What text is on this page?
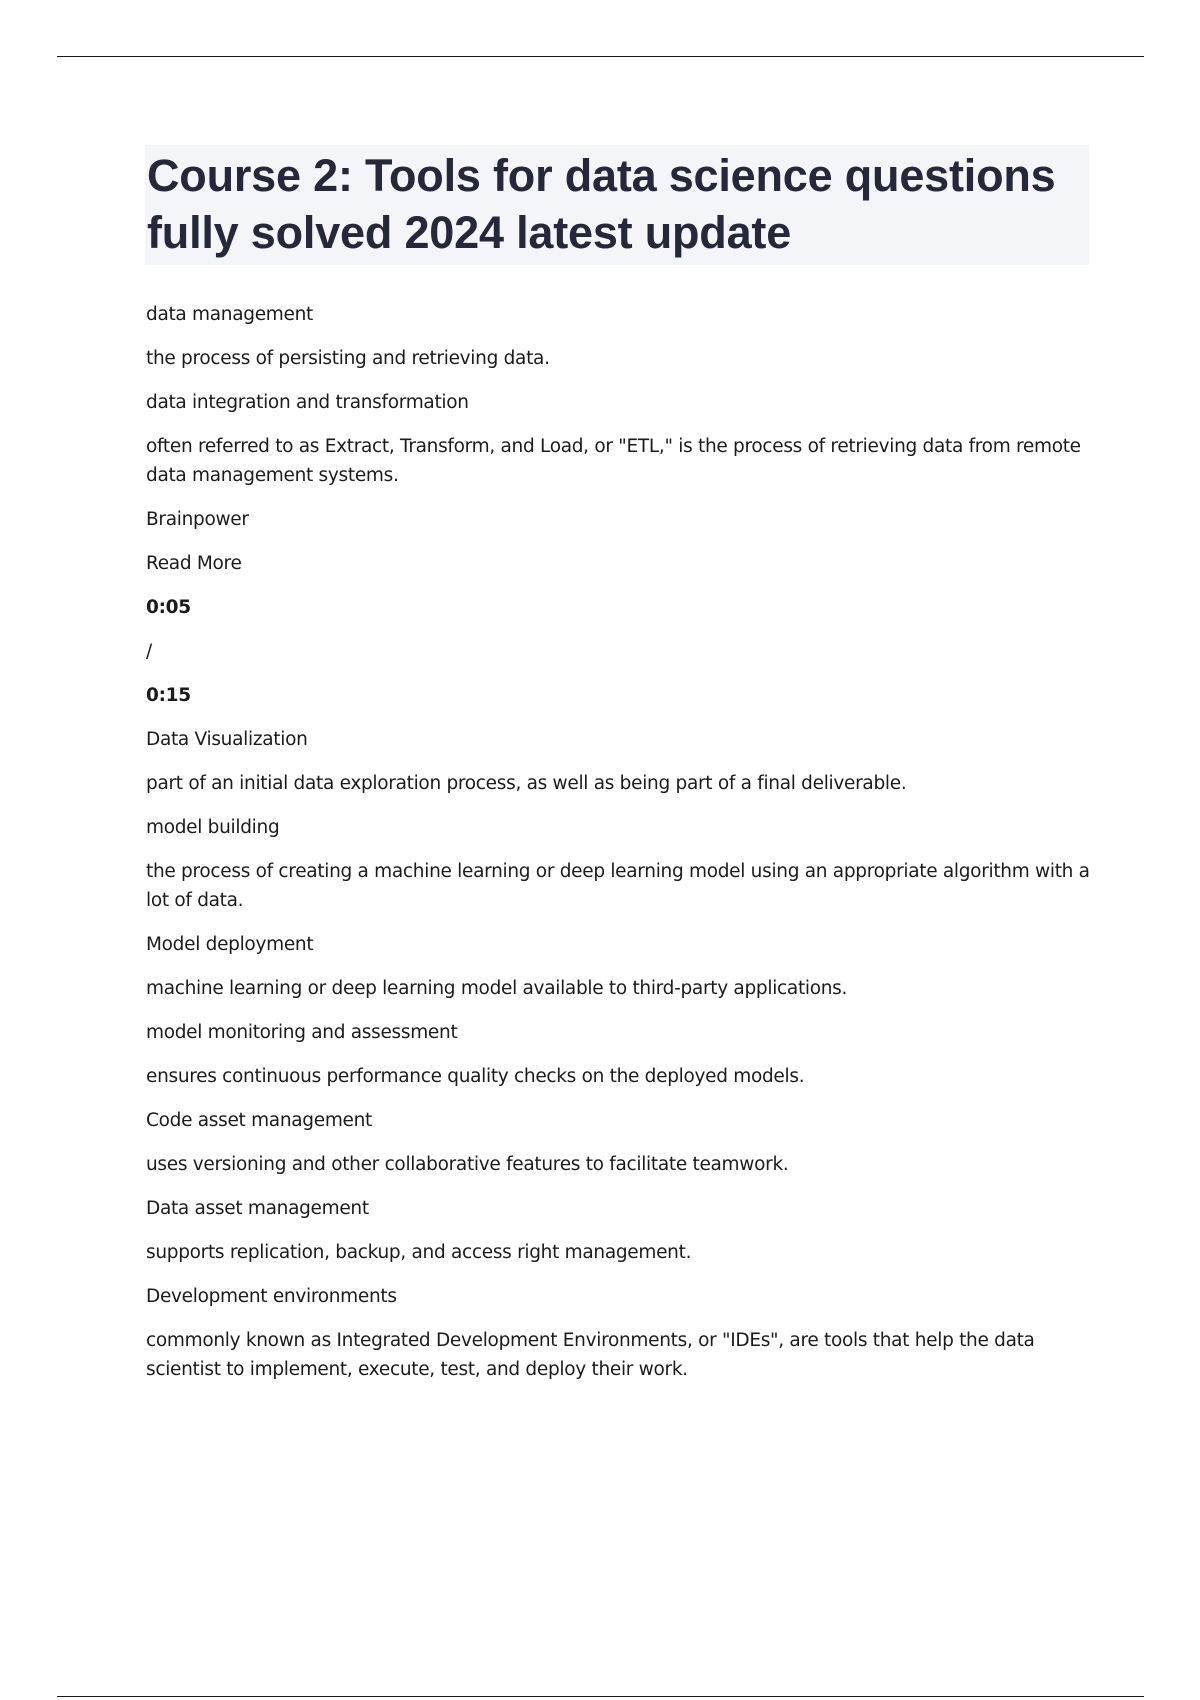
Course 2: Tools for data science questions fully solved 2024 latest update

data management

the process of persisting and retrieving data.

data integration and transformation

often referred to as Extract, Transform, and Load, or "ETL," is the process of retrieving data from remote data management systems.

Brainpower

Read More

0:05

/

0:15

Data Visualization

part of an initial data exploration process, as well as being part of a final deliverable.

model building

the process of creating a machine learning or deep learning model using an appropriate algorithm with a lot of data.

Model deployment

machine learning or deep learning model available to third-party applications.

model monitoring and assessment

ensures continuous performance quality checks on the deployed models.

Code asset management

uses versioning and other collaborative features to facilitate teamwork.

Data asset management

supports replication, backup, and access right management.

Development environments

commonly known as Integrated Development Environments, or "IDEs", are tools that help the data scientist to implement, execute, test, and deploy their work.
